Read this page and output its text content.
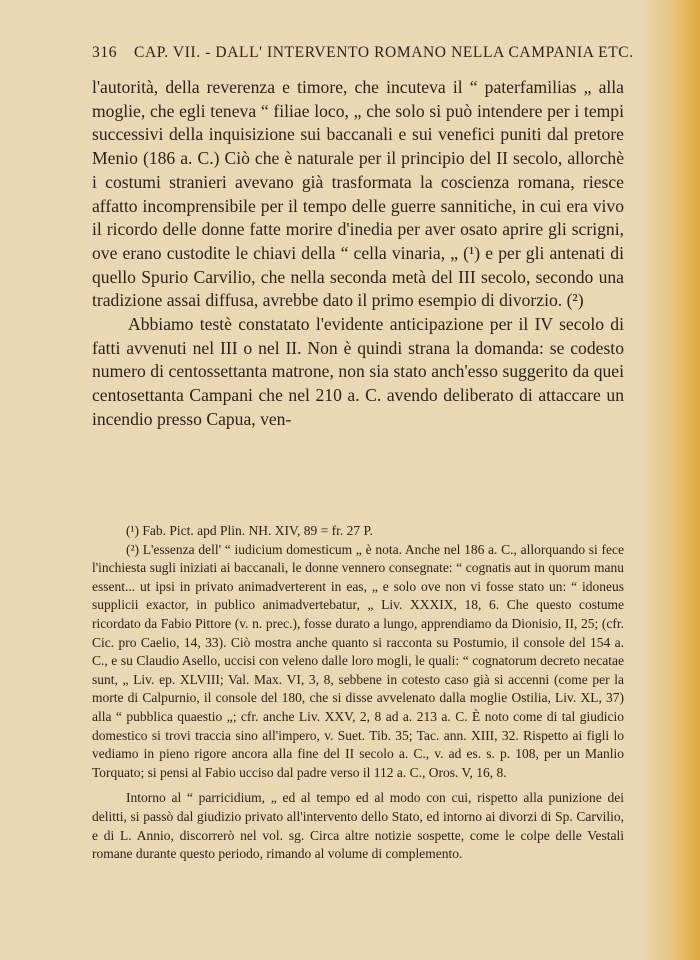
316 CAP. VII. - DALL' INTERVENTO ROMANO NELLA CAMPANIA ETC.

l'autorità, della reverenza e timore, che incuteva il “ paterfamilias „ alla moglie, che egli teneva “ filiae loco, „ che solo si può intendere per i tempi successivi della inquisizione sui baccanali e sui venefici puniti dal pretore Menio (186 a. C.) Ciò che è naturale per il principio del II secolo, allorchè i costumi stranieri avevano già trasformata la coscienza romana, riesce affatto incomprensibile per il tempo delle guerre sannitiche, in cui era vivo il ricordo delle donne fatte morire d'inedia per aver osato aprire gli scrigni, ove erano custodite le chiavi della “ cella vinaria, „ (¹) e per gli antenati di quello Spurio Carvilio, che nella seconda metà del III secolo, secondo una tradizione assai diffusa, avrebbe dato il primo esempio di divorzio. (²)

Abbiamo testè constatato l'evidente anticipazione per il IV secolo di fatti avvenuti nel III o nel II. Non è quindi strana la domanda: se codesto numero di centossettanta matrone, non sia stato anch'esso suggerito da quei centosettanta Campani che nel 210 a. C. avendo deliberato di attaccare un incendio presso Capua, ven-

(¹) Fab. Pict. apd Plin. NH. XIV, 89 = fr. 27 P.

(²) L'essenza dell' “ iudicium domesticum „ è nota. Anche nel 186 a. C., allorquando si fece l'inchiesta sugli iniziati ai baccanali, le donne vennero consegnate: “ cognatis aut in quorum manu essent... ut ipsi in privato animadverterent in eas, „ e solo ove non vi fosse stato un: “ idoneus supplicii exactor, in publico animadvertebatur, „ Liv. XXXIX, 18, 6. Che questo costume ricordato da Fabio Pittore (v. n. prec.), fosse durato a lungo, apprendiamo da Dionisio, II, 25; (cfr. Cic. pro Caelio, 14, 33). Ciò mostra anche quanto si racconta su Postumio, il console del 154 a. C., e su Claudio Asello, uccisi con veleno dalle loro mogli, le quali: “ cognatorum decreto necatae sunt, „ Liv. ep. XLVIII; Val. Max. VI, 3, 8, sebbene in cotesto caso già si accenni (come per la morte di Calpurnio, il console del 180, che si disse avvelenato dalla moglie Ostilia, Liv. XL, 37) alla “ pubblica quaestio „; cfr. anche Liv. XXV, 2, 8 ad a. 213 a. C. È noto come di tal giudicio domestico si trovi traccia sino all'impero, v. Suet. Tib. 35; Tac. ann. XIII, 32. Rispetto ai figli lo vediamo in pieno rigore ancora alla fine del II secolo a. C., v. ad es. s. p. 108, per un Manlio Torquato; si pensi al Fabio ucciso dal padre verso il 112 a. C., Oros. V, 16, 8.

Intorno al “ parricidium, „ ed al tempo ed al modo con cui, rispetto alla punizione dei delitti, si passò dal giudizio privato all'intervento dello Stato, ed intorno ai divorzi di Sp. Carvilio, e di L. Annio, discorrerò nel vol. sg. Circa altre notizie sospette, come le colpe delle Vestali romane durante questo periodo, rimando al volume di complemento.
